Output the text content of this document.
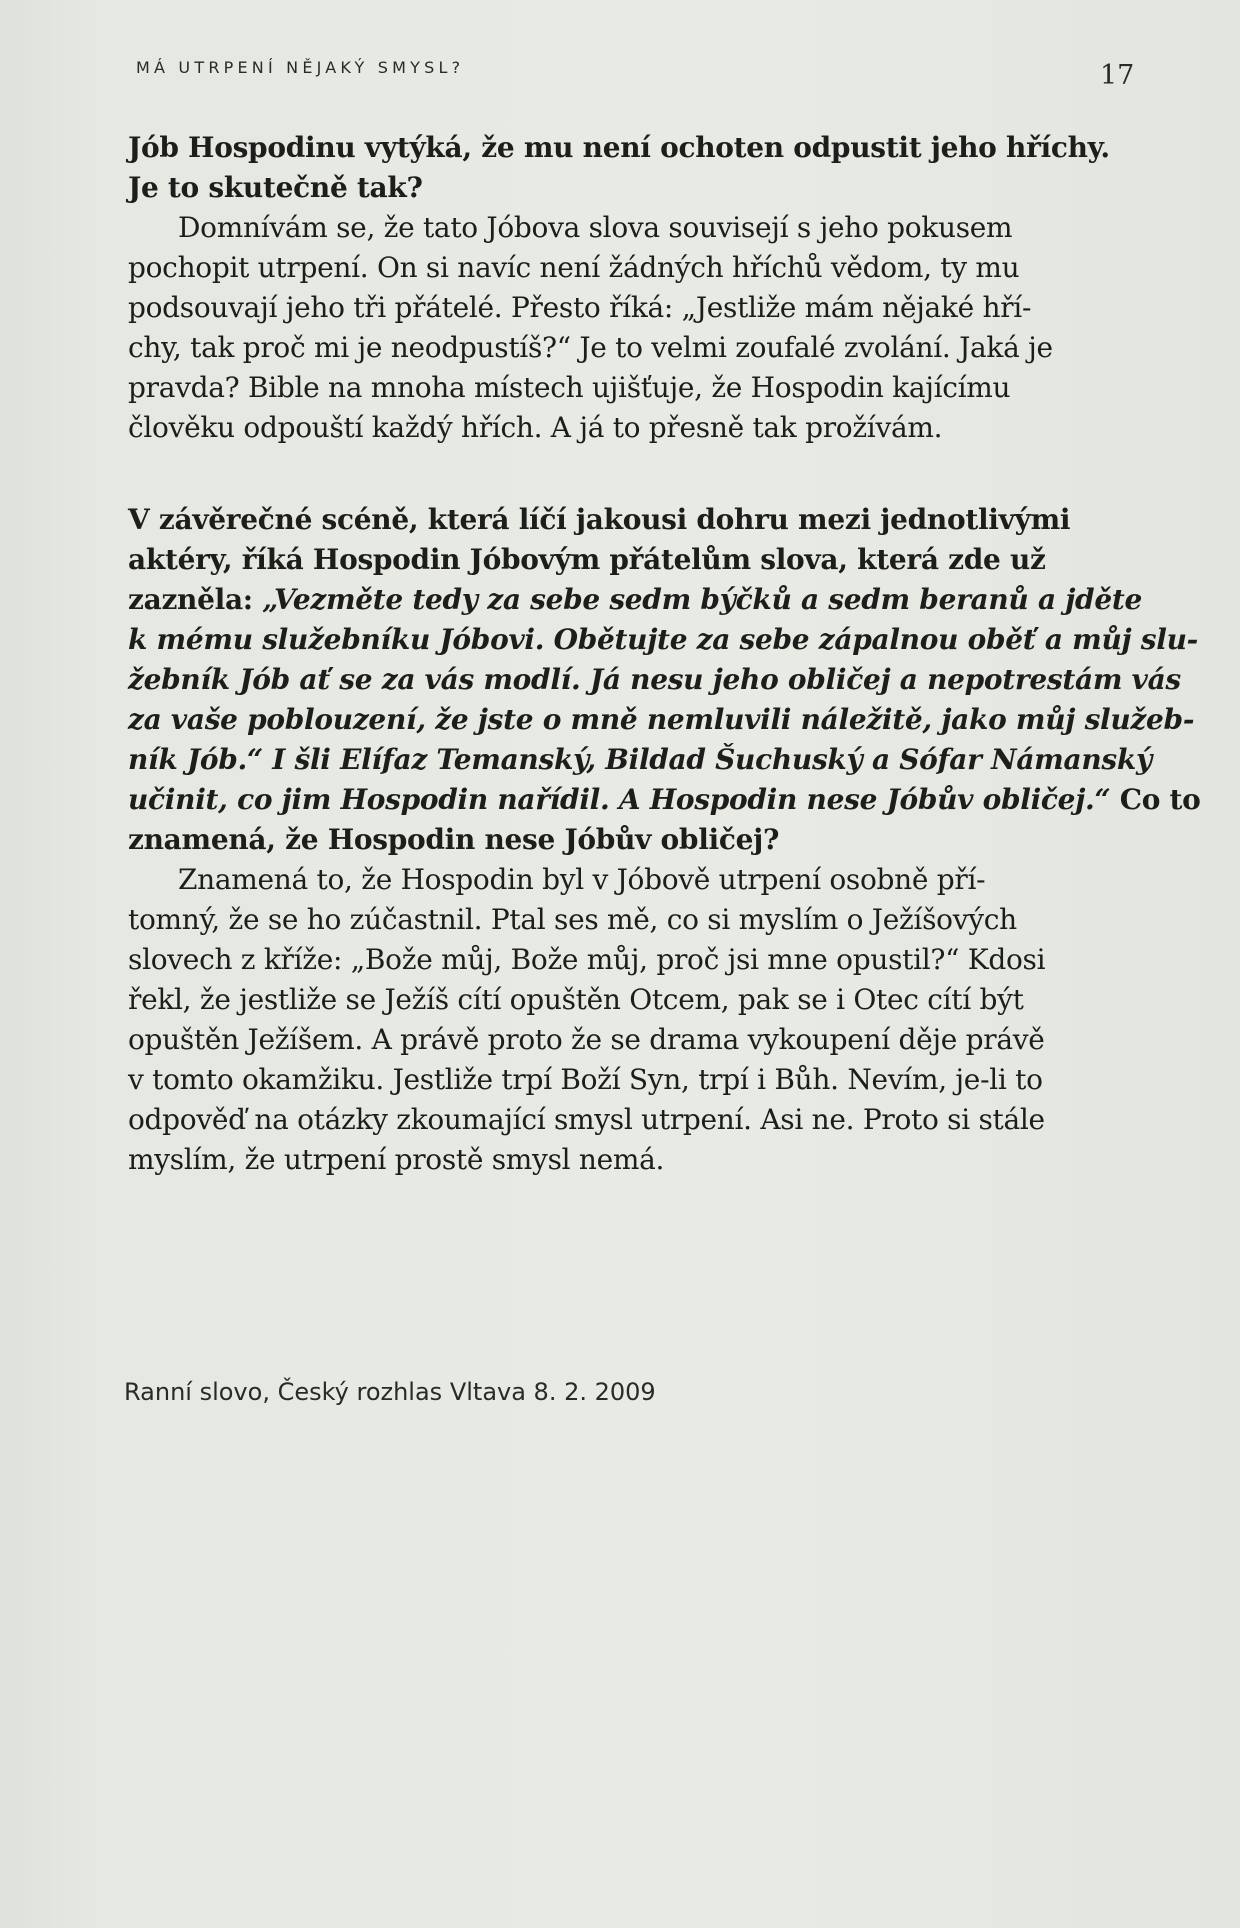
MÁ UTRPENÍ NĚJAKÝ SMYSL?	17

Jób Hospodinu vytýká, že mu není ochoten odpustit jeho hříchy.
Je to skutečně tak?

Domnívám se, že tato Jóbova slova souvisejí s jeho pokusem
pochopit utrpení. On si navíc není žádných hříchů vědom, ty mu
podsouvají jeho tři přátelé. Přesto říká: „Jestliže mám nějaké hří-
chy, tak proč mi je neodpustíš?“ Je to velmi zoufalé zvolání. Jaká je
pravda? Bible na mnoha místech ujišťuje, že Hospodin kajícímu
člověku odpouští každý hřích. A já to přesně tak prožívám.

V závěrečné scéně, která líčí jakousi dohru mezi jednotlivými
aktéry, říká Hospodin Jóbovým přátelům slova, která zde už
zazněla: „Vezměte tedy za sebe sedm býčků a sedm beranů a jděte
k mému služebníku Jóbovi. Obětujte za sebe zápalnou oběť a můj slu-
žebník Jób ať se za vás modlí. Já nesu jeho obličej a nepotrestám vás
za vaše poblouzení, že jste o mně nemluvili náležitě, jako můj služeb-
ník Jób.“ I šli Elífaz Temanský, Bildad Šuchuský a Sófar Námanský
učinit, co jim Hospodin nařídil. A Hospodin nese Jóbův obličej.“ Co to
znamená, že Hospodin nese Jóbův obličej?

Znamená to, že Hospodin byl v Jóbově utrpení osobně pří-
tomný, že se ho zúčastnil. Ptal ses mě, co si myslím o Ježíšových
slovech z kříže: „Bože můj, Bože můj, proč jsi mne opustil?“ Kdosi
řekl, že jestliže se Ježíš cítí opuštěn Otcem, pak se i Otec cítí být
opuštěn Ježíšem. A právě proto že se drama vykoupení děje právě
v tomto okamžiku. Jestliže trpí Boží Syn, trpí i Bůh. Nevím, je-li to
odpověď na otázky zkoumající smysl utrpení. Asi ne. Proto si stále
myslím, že utrpení prostě smysl nemá.

Ranní slovo, Český rozhlas Vltava 8. 2. 2009
